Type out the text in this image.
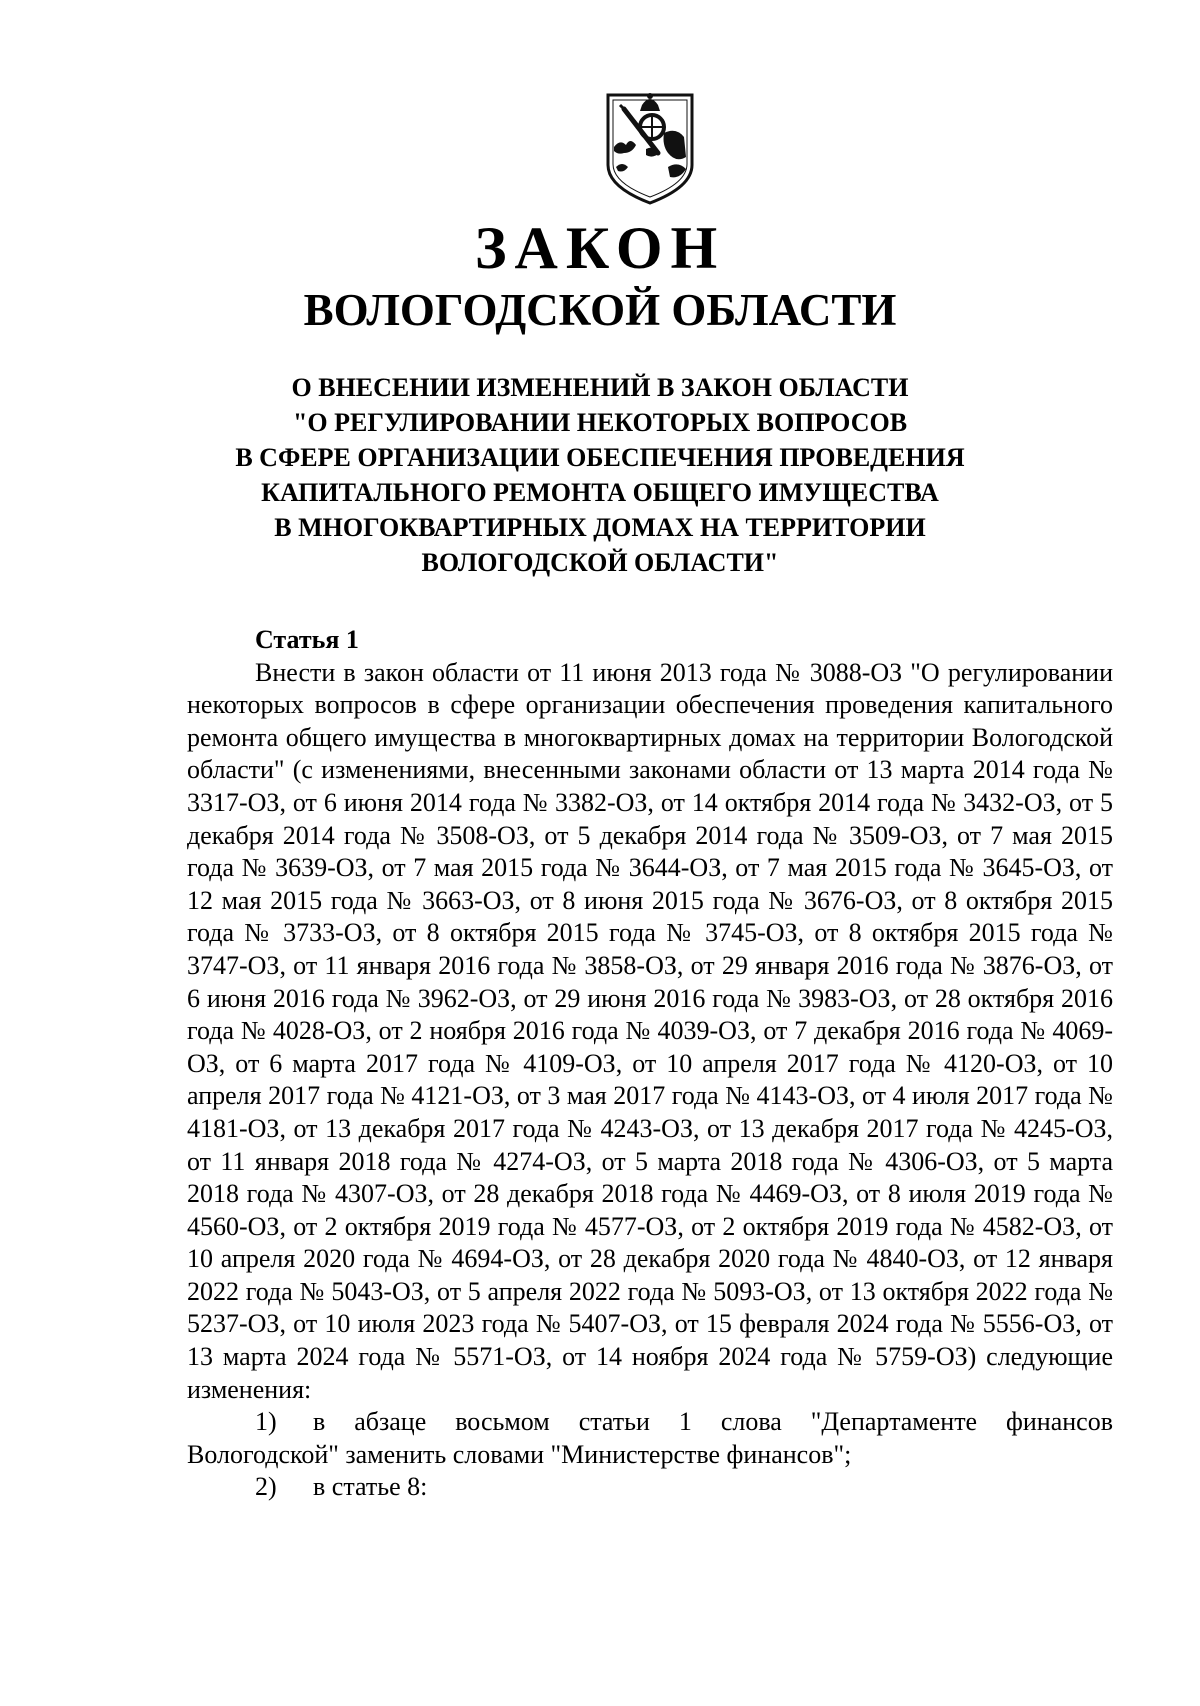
ЗАКОН
ВОЛОГОДСКОЙ ОБЛАСТИ
О ВНЕСЕНИИ ИЗМЕНЕНИЙ В ЗАКОН ОБЛАСТИ
"О РЕГУЛИРОВАНИИ НЕКОТОРЫХ ВОПРОСОВ
В СФЕРЕ ОРГАНИЗАЦИИ ОБЕСПЕЧЕНИЯ ПРОВЕДЕНИЯ
КАПИТАЛЬНОГО РЕМОНТА ОБЩЕГО ИМУЩЕСТВА
В МНОГОКВАРТИРНЫХ ДОМАХ НА ТЕРРИТОРИИ
ВОЛОГОДСКОЙ ОБЛАСТИ"

Статья 1

Внести в закон области от 11 июня 2013 года № 3088-ОЗ "О регулировании некоторых вопросов в сфере организации обеспечения проведения капитального ремонта общего имущества в многоквартирных домах на территории Вологодской области" (с изменениями, внесенными законами области от 13 марта 2014 года № 3317-ОЗ, от 6 июня 2014 года № 3382-ОЗ, от 14 октября 2014 года № 3432-ОЗ, от 5 декабря 2014 года № 3508-ОЗ, от 5 декабря 2014 года № 3509-ОЗ, от 7 мая 2015 года № 3639-ОЗ, от 7 мая 2015 года № 3644-ОЗ, от 7 мая 2015 года № 3645-ОЗ, от 12 мая 2015 года № 3663-ОЗ, от 8 июня 2015 года № 3676-ОЗ, от 8 октября 2015 года № 3733-ОЗ, от 8 октября 2015 года № 3745-ОЗ, от 8 октября 2015 года № 3747-ОЗ, от 11 января 2016 года № 3858-ОЗ, от 29 января 2016 года № 3876-ОЗ, от 6 июня 2016 года № 3962-ОЗ, от 29 июня 2016 года № 3983-ОЗ, от 28 октября 2016 года № 4028-ОЗ, от 2 ноября 2016 года № 4039-ОЗ, от 7 декабря 2016 года № 4069-ОЗ, от 6 марта 2017 года № 4109-ОЗ, от 10 апреля 2017 года № 4120-ОЗ, от 10 апреля 2017 года № 4121-ОЗ, от 3 мая 2017 года № 4143-ОЗ, от 4 июля 2017 года № 4181-ОЗ, от 13 декабря 2017 года № 4243-ОЗ, от 13 декабря 2017 года № 4245-ОЗ, от 11 января 2018 года № 4274-ОЗ, от 5 марта 2018 года № 4306-ОЗ, от 5 марта 2018 года № 4307-ОЗ, от 28 декабря 2018 года № 4469-ОЗ, от 8 июля 2019 года № 4560-ОЗ, от 2 октября 2019 года № 4577-ОЗ, от 2 октября 2019 года № 4582-ОЗ, от 10 апреля 2020 года № 4694-ОЗ, от 28 декабря 2020 года № 4840-ОЗ, от 12 января 2022 года № 5043-ОЗ, от 5 апреля 2022 года № 5093-ОЗ, от 13 октября 2022 года № 5237-ОЗ, от 10 июля 2023 года № 5407-ОЗ, от 15 февраля 2024 года № 5556-ОЗ, от 13 марта 2024 года № 5571-ОЗ, от 14 ноября 2024 года № 5759-ОЗ) следующие изменения:

1) в абзаце восьмом статьи 1 слова "Департаменте финансов Вологодской" заменить словами "Министерстве финансов";

2) в статье 8:
